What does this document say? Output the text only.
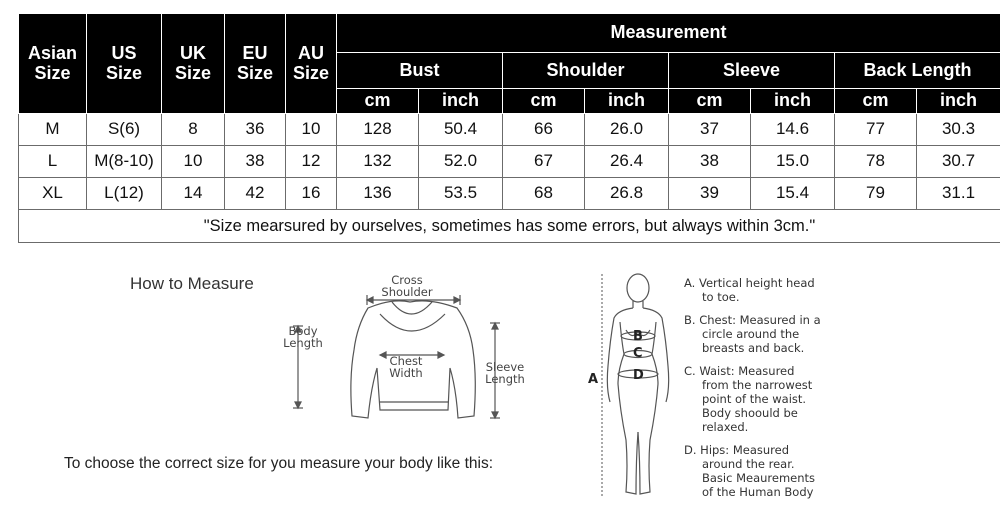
Asian
Size	US
Size	UK
Size	EU
Size	AU
Size	Measurement							
					Bust		Shoulder		Sleeve		Back Length	
					cm	inch	cm	inch	cm	inch	cm	inch
M	S(6)	8	36	10	128	50.4	66	26.0	37	14.6	77	30.3
L	M(8-10)	10	38	12	132	52.0	67	26.4	38	15.0	78	30.7
XL	L(12)	14	42	16	136	53.5	68	26.8	39	15.4	79	31.1
"Size mearsured by ourselves, sometimes has some errors, but always within 3cm."												
How to Measure	Cross
Shoulder
Body
Length
Chest
Width	Sleeve
Length
To choose the correct size for you measure your body like this:
A
B
C
D
A. Vertical height head
to toe.
B. Chest: Measured in a
circle around the
breasts and back.
C. Waist: Measured
from the narrowest
point of the waist.
Body shoould be
relaxed.
D. Hips: Measured
around the rear.
Basic Meaurements
of the Human Body
